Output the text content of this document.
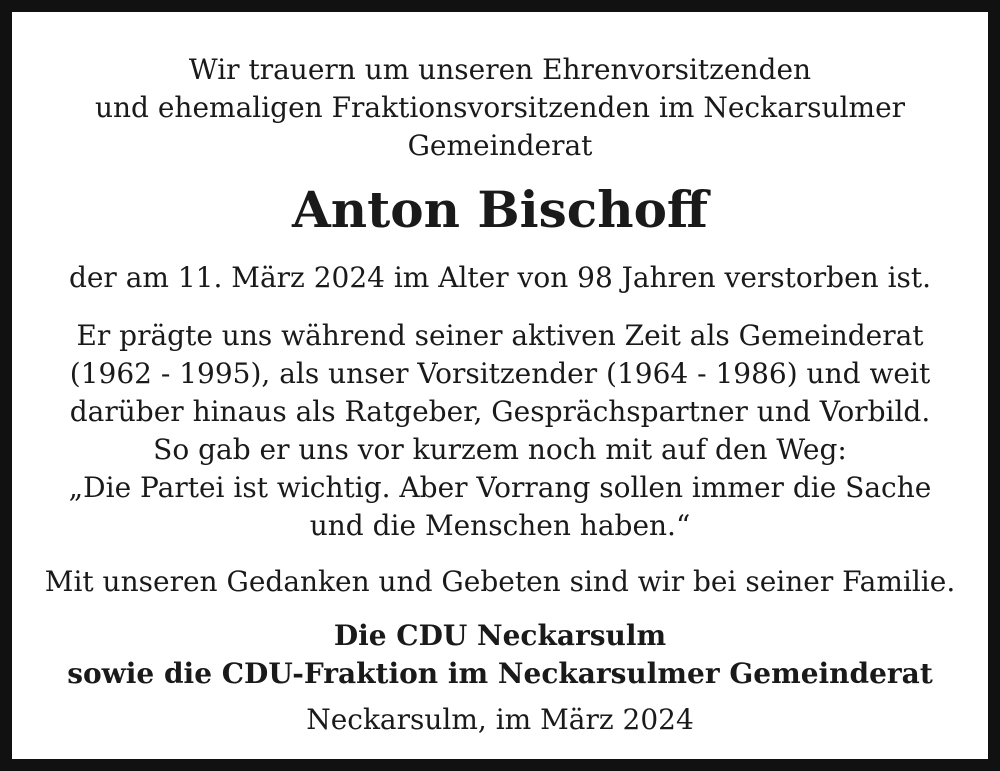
Wir trauern um unseren Ehrenvorsitzenden
und ehemaligen Fraktionsvorsitzenden im Neckarsulmer
Gemeinderat
Anton Bischoff
der am 11. März 2024 im Alter von 98 Jahren verstorben ist.
Er prägte uns während seiner aktiven Zeit als Gemeinderat
(1962 - 1995), als unser Vorsitzender (1964 - 1986) und weit
darüber hinaus als Ratgeber, Gesprächspartner und Vorbild.
So gab er uns vor kurzem noch mit auf den Weg:
„Die Partei ist wichtig. Aber Vorrang sollen immer die Sache
und die Menschen haben.“
Mit unseren Gedanken und Gebeten sind wir bei seiner Familie.
Die CDU Neckarsulm
sowie die CDU-Fraktion im Neckarsulmer Gemeinderat
Neckarsulm, im März 2024
